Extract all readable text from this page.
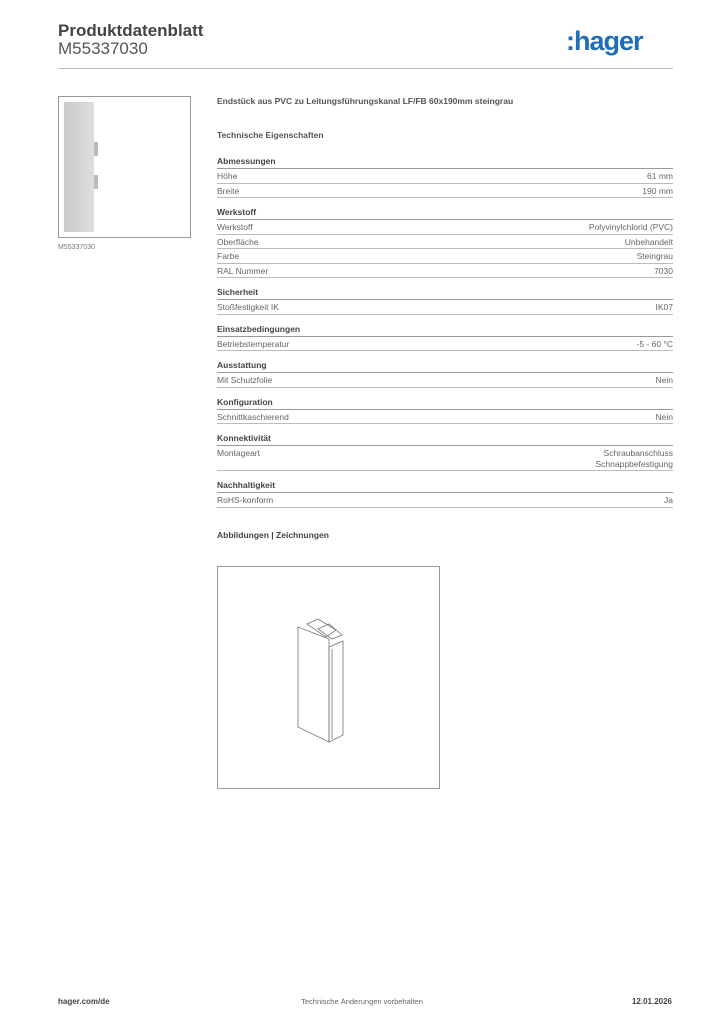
Produktdatenblatt
M55337030	:hager
M55337030
Endstück aus PVC zu Leitungsführungskanal LF/FB 60x190mm steingrau
Technische Eigenschaften
Abmessungen
Höhe	61 mm
Breite	190 mm
Werkstoff
Werkstoff	Polyvinylchlorid (PVC)
Oberfläche	Unbehandelt
Farbe	Steingrau
RAL Nummer	7030
Sicherheit
Stoßfestigkeit IK	IK07
Einsatzbedingungen
Betriebstemperatur	-5 - 60 °C
Ausstattung
Mit Schutzfolie	Nein
Konfiguration
Schnittkaschierend	Nein
Konnektivität
Montageart	Schraubanschluss
Schnappbefestigung
Nachhaltigkeit
RoHS-konform	Ja
Abbildungen | Zeichnungen
hager.com/de	Technische Änderungen vorbehalten	12.01.2026
